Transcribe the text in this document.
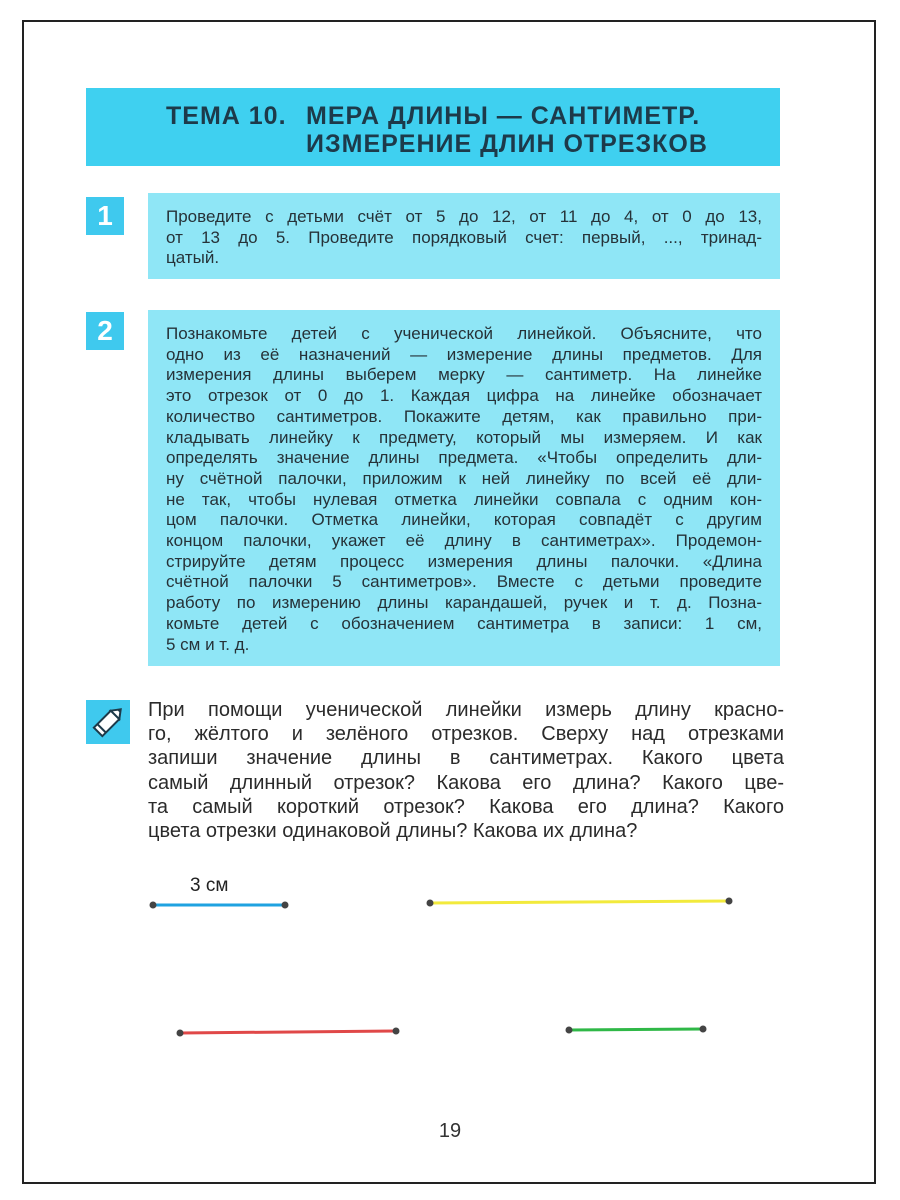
ТЕМА 10. МЕРА ДЛИНЫ — САНТИМЕТР.
ИЗМЕРЕНИЕ ДЛИН ОТРЕЗКОВ
1	Проведите с детьми счёт от 5 до 12, от 11 до 4, от 0 до 13,
от 13 до 5. Проведите порядковый счет: первый, ..., тринад-
цатый.
2	Познакомьте детей с ученической линейкой. Объясните, что
одно из её назначений — измерение длины предметов. Для
измерения длины выберем мерку — сантиметр. На линейке
это отрезок от 0 до 1. Каждая цифра на линейке обозначает
количество сантиметров. Покажите детям, как правильно при-
кладывать линейку к предмету, который мы измеряем. И как
определять значение длины предмета. «Чтобы определить дли-
ну счётной палочки, приложим к ней линейку по всей её дли-
не так, чтобы нулевая отметка линейки совпала с одним кон-
цом палочки. Отметка линейки, которая совпадёт с другим
концом палочки, укажет её длину в сантиметрах». Продемон-
стрируйте детям процесс измерения длины палочки. «Длина
счётной палочки 5 сантиметров». Вместе с детьми проведите
работу по измерению длины карандашей, ручек и т. д. Позна-
комьте детей с обозначением сантиметра в записи: 1 см,
5 см и т. д.
При помощи ученической линейки измерь длину красно-
го, жёлтого и зелёного отрезков. Сверху над отрезками
запиши значение длины в сантиметрах. Какого цвета
самый длинный отрезок? Какова его длина? Какого цве-
та самый короткий отрезок? Какова его длина? Какого
цвета отрезки одинаковой длины? Какова их длина?
3 см
19
